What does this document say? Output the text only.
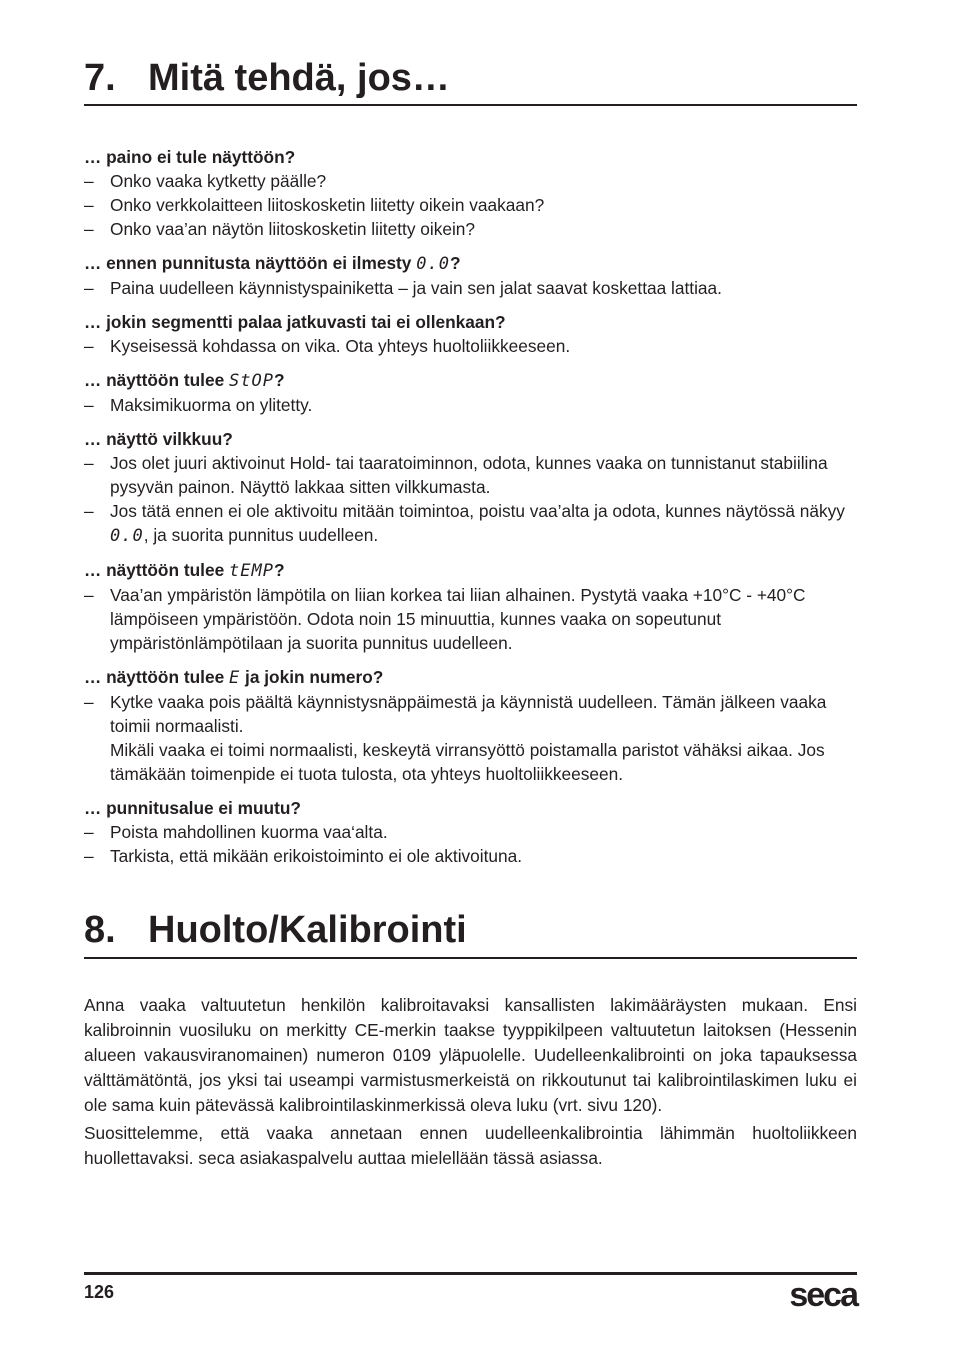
7. Mitä tehdä, jos…

… paino ei tule näyttöön?

– Onko vaaka kytketty päälle?

– Onko verkkolaitteen liitoskosketin liitetty oikein vaakaan?

– Onko vaa’an näytön liitoskosketin liitetty oikein?

… ennen punnitusta näyttöön ei ilmesty 0.0?

– Paina uudelleen käynnistyspainiketta – ja vain sen jalat saavat koskettaa lattiaa.

… jokin segmentti palaa jatkuvasti tai ei ollenkaan?

– Kyseisessä kohdassa on vika. Ota yhteys huoltoliikkeeseen.

… näyttöön tulee StOP?

– Maksimikuorma on ylitetty.

… näyttö vilkkuu?

– Jos olet juuri aktivoinut Hold- tai taaratoiminnon, odota, kunnes vaaka on tunnistanut stabiilina pysyvän painon. Näyttö lakkaa sitten vilkkumasta.

– Jos tätä ennen ei ole aktivoitu mitään toimintoa, poistu vaa’alta ja odota, kunnes näytössä näkyy 0.0, ja suorita punnitus uudelleen.

… näyttöön tulee tEMP?

– Vaa’an ympäristön lämpötila on liian korkea tai liian alhainen. Pystytä vaaka +10°C - +40°C lämpöiseen ympäristöön. Odota noin 15 minuuttia, kunnes vaaka on sopeutunut ympäristönlämpötilaan ja suorita punnitus uudelleen.

… näyttöön tulee E ja jokin numero?

– Kytke vaaka pois päältä käynnistysnäppäimestä ja käynnistä uudelleen. Tämän jälkeen vaaka toimii normaalisti.

Mikäli vaaka ei toimi normaalisti, keskeytä virransyöttö poistamalla paristot vähäksi aikaa. Jos tämäkään toimenpide ei tuota tulosta, ota yhteys huoltoliikkeeseen.

… punnitusalue ei muutu?

– Poista mahdollinen kuorma vaa‘alta.

– Tarkista, että mikään erikoistoiminto ei ole aktivoituna.

8. Huolto/Kalibrointi

Anna vaaka valtuutetun henkilön kalibroitavaksi kansallisten lakimääräysten mukaan. Ensi kalibroinnin vuosiluku on merkitty CE-merkin taakse tyyppikilpeen valtuutetun laitoksen (Hessenin alueen vakausviranomainen) numeron 0109 yläpuolelle. Uudelleenkalibrointi on joka tapauksessa välttämätöntä, jos yksi tai useampi varmistusmerkeistä on rikkoutunut tai kalibrointilaskimen luku ei ole sama kuin pätevässä kalibrointilaskinmerkissä oleva luku (vrt. sivu 120).

Suosittelemme, että vaaka annetaan ennen uudelleenkalibrointia lähimmän huoltoliikkeen huollettavaksi. seca asiakaspalvelu auttaa mielellään tässä asiassa.

126	seca
